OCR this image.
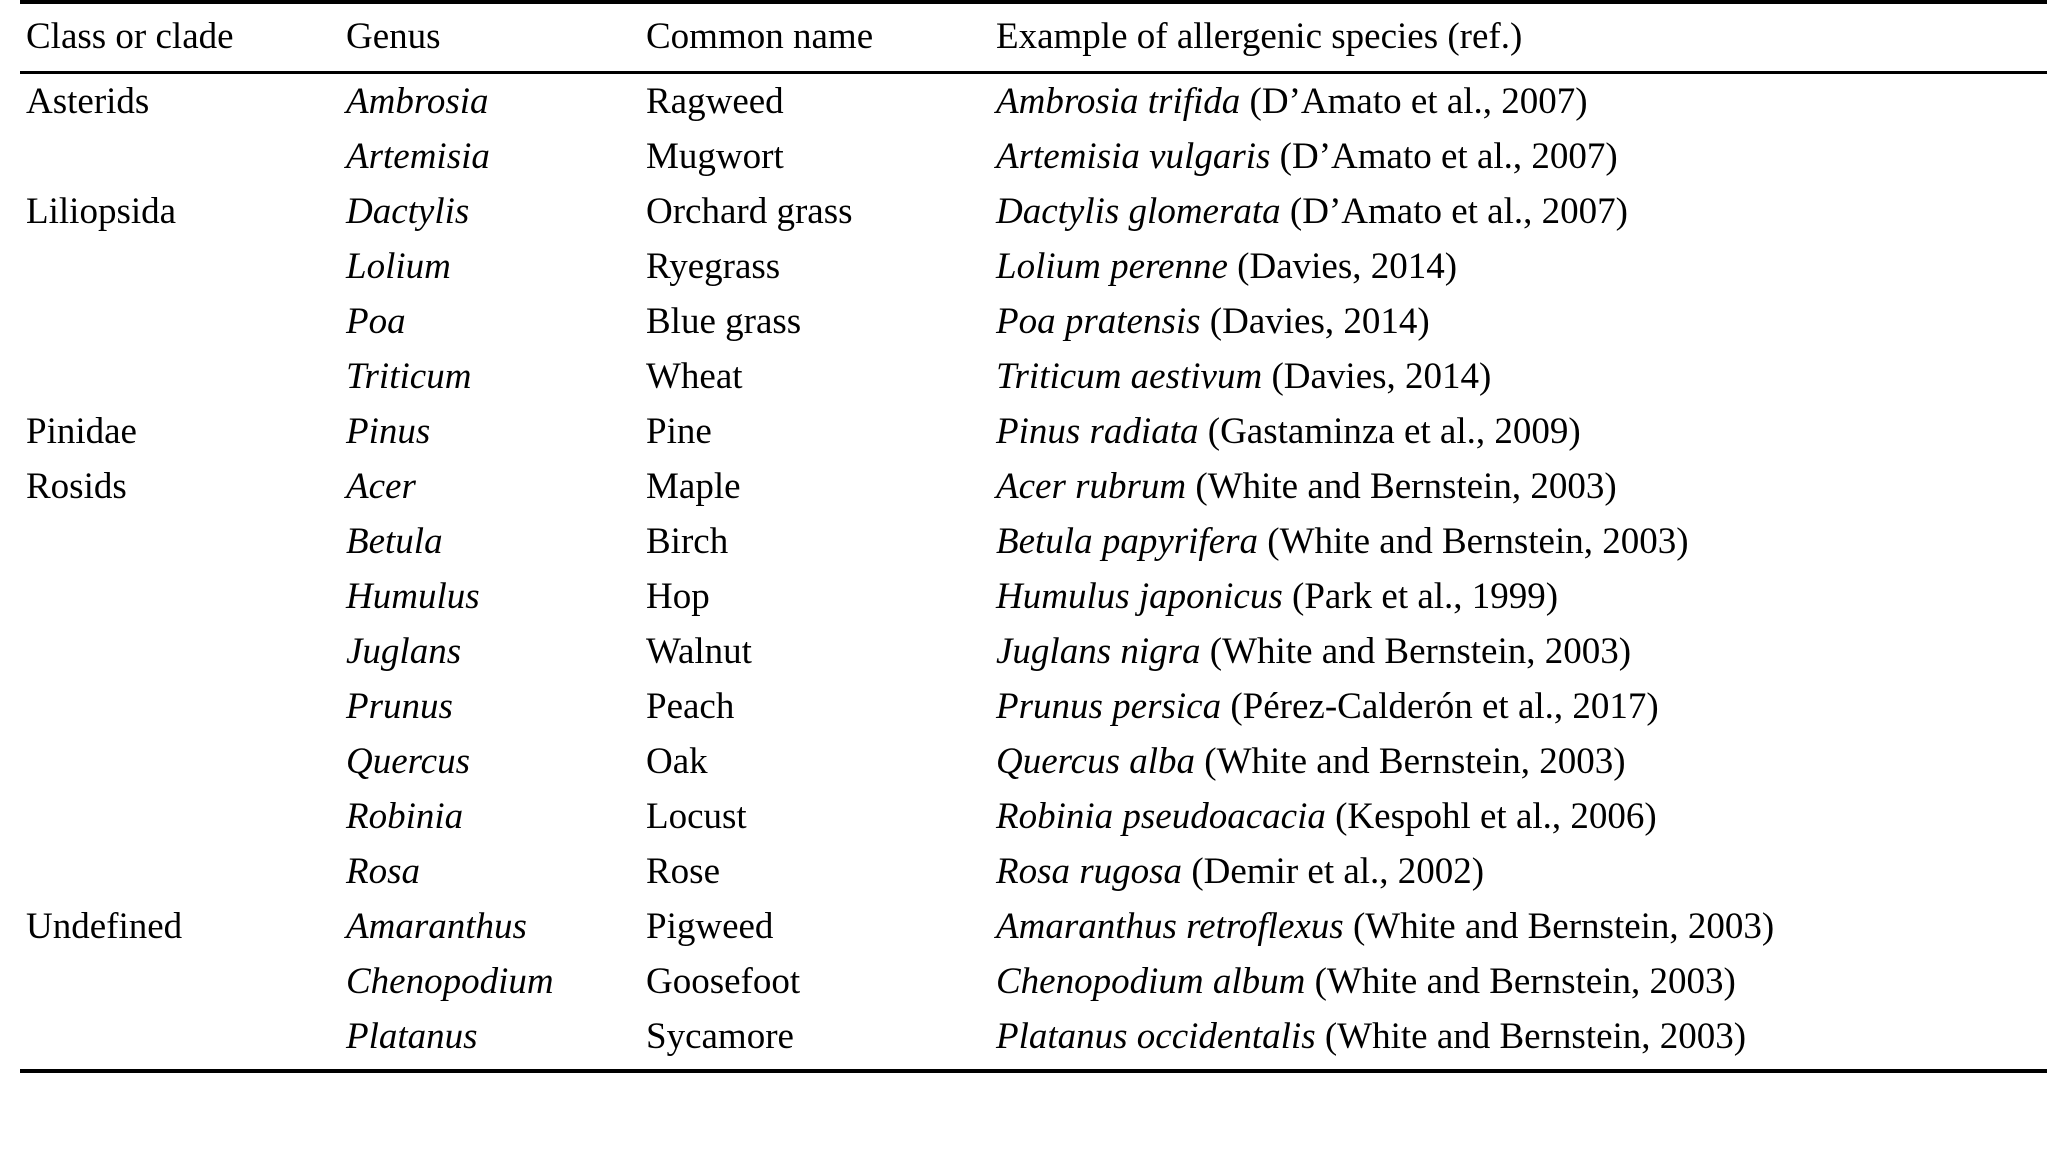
Class or clade	Genus	Common name	Example of allergenic species (ref.)
Asterids	Ambrosia	Ragweed	Ambrosia trifida (D’Amato et al., 2007)
	Artemisia	Mugwort	Artemisia vulgaris (D’Amato et al., 2007)
Liliopsida	Dactylis	Orchard grass	Dactylis glomerata (D’Amato et al., 2007)
	Lolium	Ryegrass	Lolium perenne (Davies, 2014)
	Poa	Blue grass	Poa pratensis (Davies, 2014)
	Triticum	Wheat	Triticum aestivum (Davies, 2014)
Pinidae	Pinus	Pine	Pinus radiata (Gastaminza et al., 2009)
Rosids	Acer	Maple	Acer rubrum (White and Bernstein, 2003)
	Betula	Birch	Betula papyrifera (White and Bernstein, 2003)
	Humulus	Hop	Humulus japonicus (Park et al., 1999)
	Juglans	Walnut	Juglans nigra (White and Bernstein, 2003)
	Prunus	Peach	Prunus persica (Pérez-Calderón et al., 2017)
	Quercus	Oak	Quercus alba (White and Bernstein, 2003)
	Robinia	Locust	Robinia pseudoacacia (Kespohl et al., 2006)
	Rosa	Rose	Rosa rugosa (Demir et al., 2002)
Undefined	Amaranthus	Pigweed	Amaranthus retroflexus (White and Bernstein, 2003)
	Chenopodium	Goosefoot	Chenopodium album (White and Bernstein, 2003)
	Platanus	Sycamore	Platanus occidentalis (White and Bernstein, 2003)
